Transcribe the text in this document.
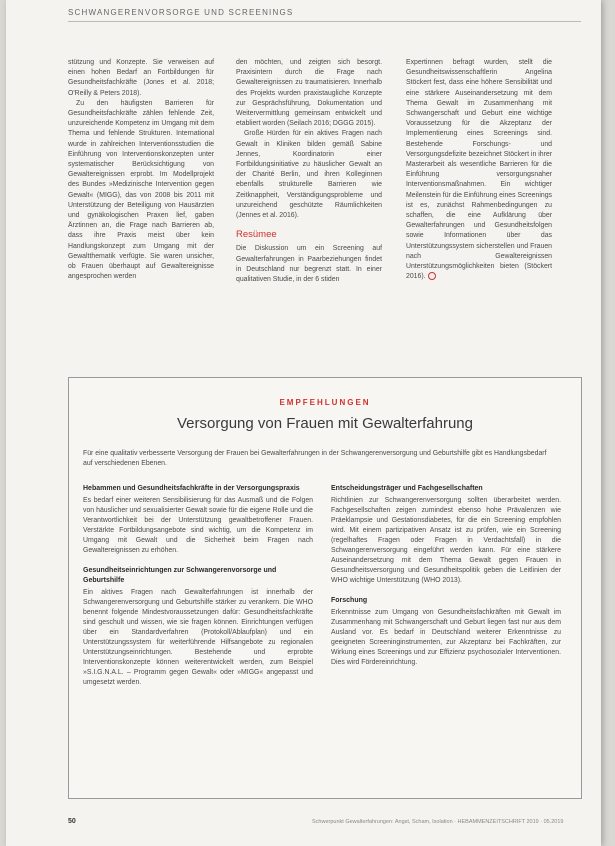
SCHWANGERENVORSORGE UND SCREENINGS

stützung und Konzepte. Sie verweisen auf einen hohen Bedarf an Fortbildungen für Gesundheitsfachkräfte (Jones et al. 2018; O'Reilly & Peters 2018).

Zu den häufigsten Barrieren für Gesundheitsfachkräfte zählen fehlende Zeit, unzureichende Kompetenz im Umgang mit dem Thema und fehlende Strukturen. International wurde in zahlreichen Interventionsstudien die Einführung von Interventionskonzepten unter systematischer Berücksichtigung von Gewaltereignissen erprobt. Im Modellprojekt des Bundes »Medizinische Intervention gegen Gewalt« (MIGG), das von 2008 bis 2011 mit Unterstützung der Beteiligung von Hausärzten und gynäkologischen Praxen lief, gaben Ärztinnen an, die Frage nach Barrieren ab, dass ihre Praxis meist über kein Handlungskonzept zum Umgang mit der Gewaltthematik verfügte. Sie waren unsicher, ob Frauen überhaupt auf Gewaltereignisse angesprochen werden

den möchten, und zeigten sich besorgt. Praxisintern durch die Frage nach Gewaltereignissen zu traumatisieren. Innerhalb des Projekts wurden praxistaugliche Konzepte zur Gesprächsführung, Dokumentation und Weitervermittlung gemeinsam entwickelt und etabliert worden (Seilach 2016; DGGG 2015).

Große Hürden für ein aktives Fragen nach Gewalt in Kliniken bilden gemäß Sabine Jennes, Koordinatorin einer Fortbildungsinitiative zu häuslicher Gewalt an der Charité Berlin, und ihren Kolleginnen ebenfalls strukturelle Barrieren wie Zeitknappheit, Verständigungsprobleme und unzureichend geschützte Räumlichkeiten (Jennes et al. 2016).

Resümee

Die Diskussion um ein Screening auf Gewalterfahrungen in Paarbeziehungen findet in Deutschland nur begrenzt statt. In einer qualitativen Studie, in der 6 stiden

Expertinnen befragt wurden, stellt die Gesundheitswissenschaftlerin Angelina Stöckert fest, dass eine höhere Sensibilität und eine stärkere Auseinandersetzung mit dem Thema Gewalt im Zusammenhang mit Schwangerschaft und Geburt eine wichtige Voraussetzung für die Akzeptanz der Implementierung eines Screenings sind. Bestehende Forschungs- und Versorgungsdefizite bezeichnet Stöckert in ihrer Masterarbeit als wesentliche Barrieren für die Einführung versorgungsnaher Interventionsmaßnahmen. Ein wichtiger Meilenstein für die Einführung eines Screenings ist es, zunächst Rahmenbedingungen zu schaffen, die eine Aufklärung über Gewalterfahrungen und Gesundheitsfolgen sowie Informationen über das Unterstützungssystem sicherstellen und Frauen nach Gewaltereignissen Unterstützungsmöglichkeiten bieten (Stöckert 2016).

EMPFEHLUNGEN
Versorgung von Frauen mit Gewalterfahrung
Für eine qualitativ verbesserte Versorgung der Frauen bei Gewalterfahrungen in der Schwangerenversorgung und Geburtshilfe gibt es Handlungsbedarf auf verschiedenen Ebenen.
Hebammen und Gesundheitsfachkräfte in der Versorgungspraxis

Es bedarf einer weiteren Sensibilisierung für das Ausmaß und die Folgen von häuslicher und sexualisierter Gewalt sowie für die eigene Rolle und die Verantwortlichkeit bei der Unterstützung gewaltbetroffener Frauen. Verstärkte Fortbildungsangebote sind wichtig, um die Kompetenz im Umgang mit Gewalt und die Sicherheit beim Fragen nach Gewaltereignissen zu erhöhen.

Gesundheitseinrichtungen zur Schwangerenvorsorge und Geburtshilfe

Ein aktives Fragen nach Gewalterfahrungen ist innerhalb der Schwangerenversorgung und Geburtshilfe stärker zu verankern. Die WHO benennt folgende Mindestvoraussetzungen dafür: Gesundheitsfachkräfte sind geschult und wissen, wie sie fragen können. Einrichtungen verfügen über ein Standardverfahren (Protokoll/Ablaufplan) und ein Unterstützungssystem für weiterführende Hilfsangebote zu regionalen Unterstützungseinrichtungen. Bestehende und erprobte Interventionskonzepte können weiterentwickelt werden, zum Beispiel »S.I.G.N.A.L. – Programm gegen Gewalt« oder »MIGG« angepasst und umgesetzt werden.

Entscheidungsträger und Fachgesellschaften

Richtlinien zur Schwangerenversorgung sollten überarbeitet werden. Fachgesellschaften zeigen zumindest ebenso hohe Prävalenzen wie Präeklampsie und Gestationsdiabetes, für die ein Screening empfohlen wird. Mit einem partizipativen Ansatz ist zu prüfen, wie ein Screening (regelhaftes Fragen oder Fragen in Verdachtsfall) in die Schwangerenversorgung eingeführt werden kann. Für eine stärkere Auseinandersetzung mit dem Thema Gewalt gegen Frauen in Gesundheitsversorgung und Gesundheitspolitik geben die Leitlinien der WHO wichtige Unterstützung (WHO 2013).

Forschung

Erkenntnisse zum Umgang von Gesundheitsfachkräften mit Gewalt im Zusammenhang mit Schwangerschaft und Geburt liegen fast nur aus dem Ausland vor. Es bedarf in Deutschland weiterer Erkenntnisse zu geeigneten Screeninginstrumenten, zur Akzeptanz bei Fachkräften, zur Wirkung eines Screenings und zur Effizienz psychosozialer Interventionen. Dies wird Fördereinrichtung.

50	Schwerpunkt Gewalterfahrungen: Angst, Scham, Isolation · HEBAMMENZEITSCHRIFT 2019 · 05.2019
